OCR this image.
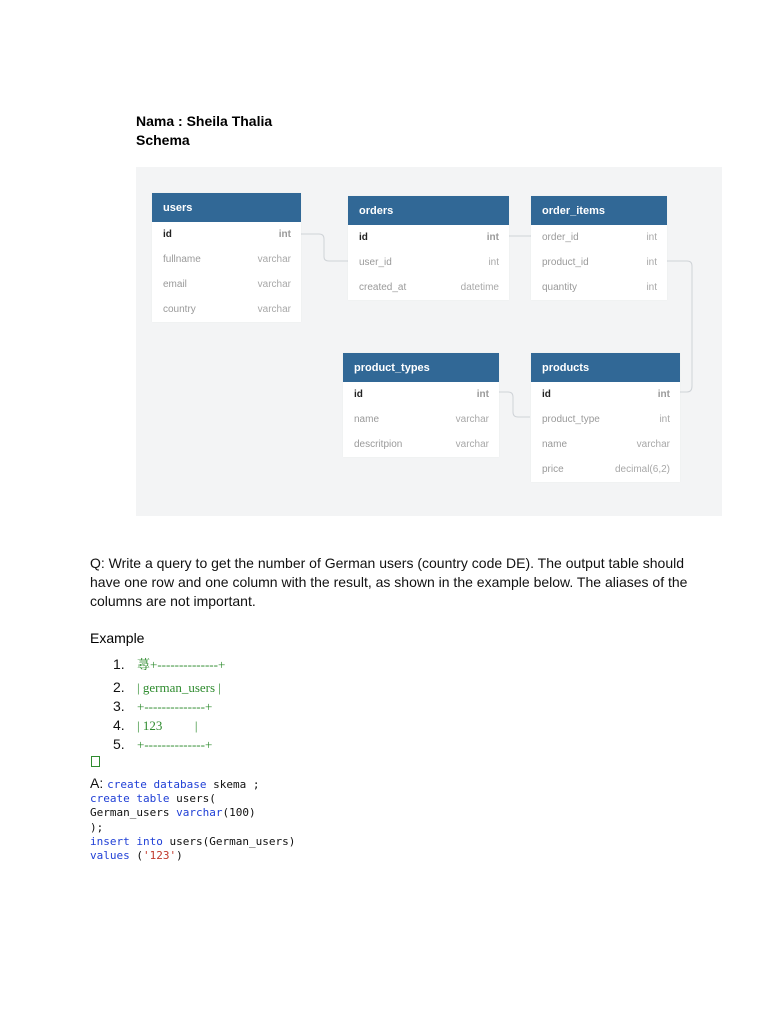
Nama : Sheila Thalia
Schema
users
id	int
fullname	varchar
email	varchar
country	varchar
orders
id	int
user_id	int
created_at	datetime
order_items
order_id	int
product_id	int
quantity	int
product_types
id	int
name	varchar
descritpion	varchar
products
id	int
product_type	int
name	varchar
price	decimal(6,2)
Q: Write a query to get the number of German users (country code DE). The output table should have one row and one column with the result, as shown in the example below. The aliases of the columns are not important.
Example
1. 蕁+--------------+
2. | german_users |
3. +--------------+
4. | 123          |
5. +--------------+
A: create database skema ;
create table users(
German_users varchar(100)
);
insert into users(German_users)
values ('123')
